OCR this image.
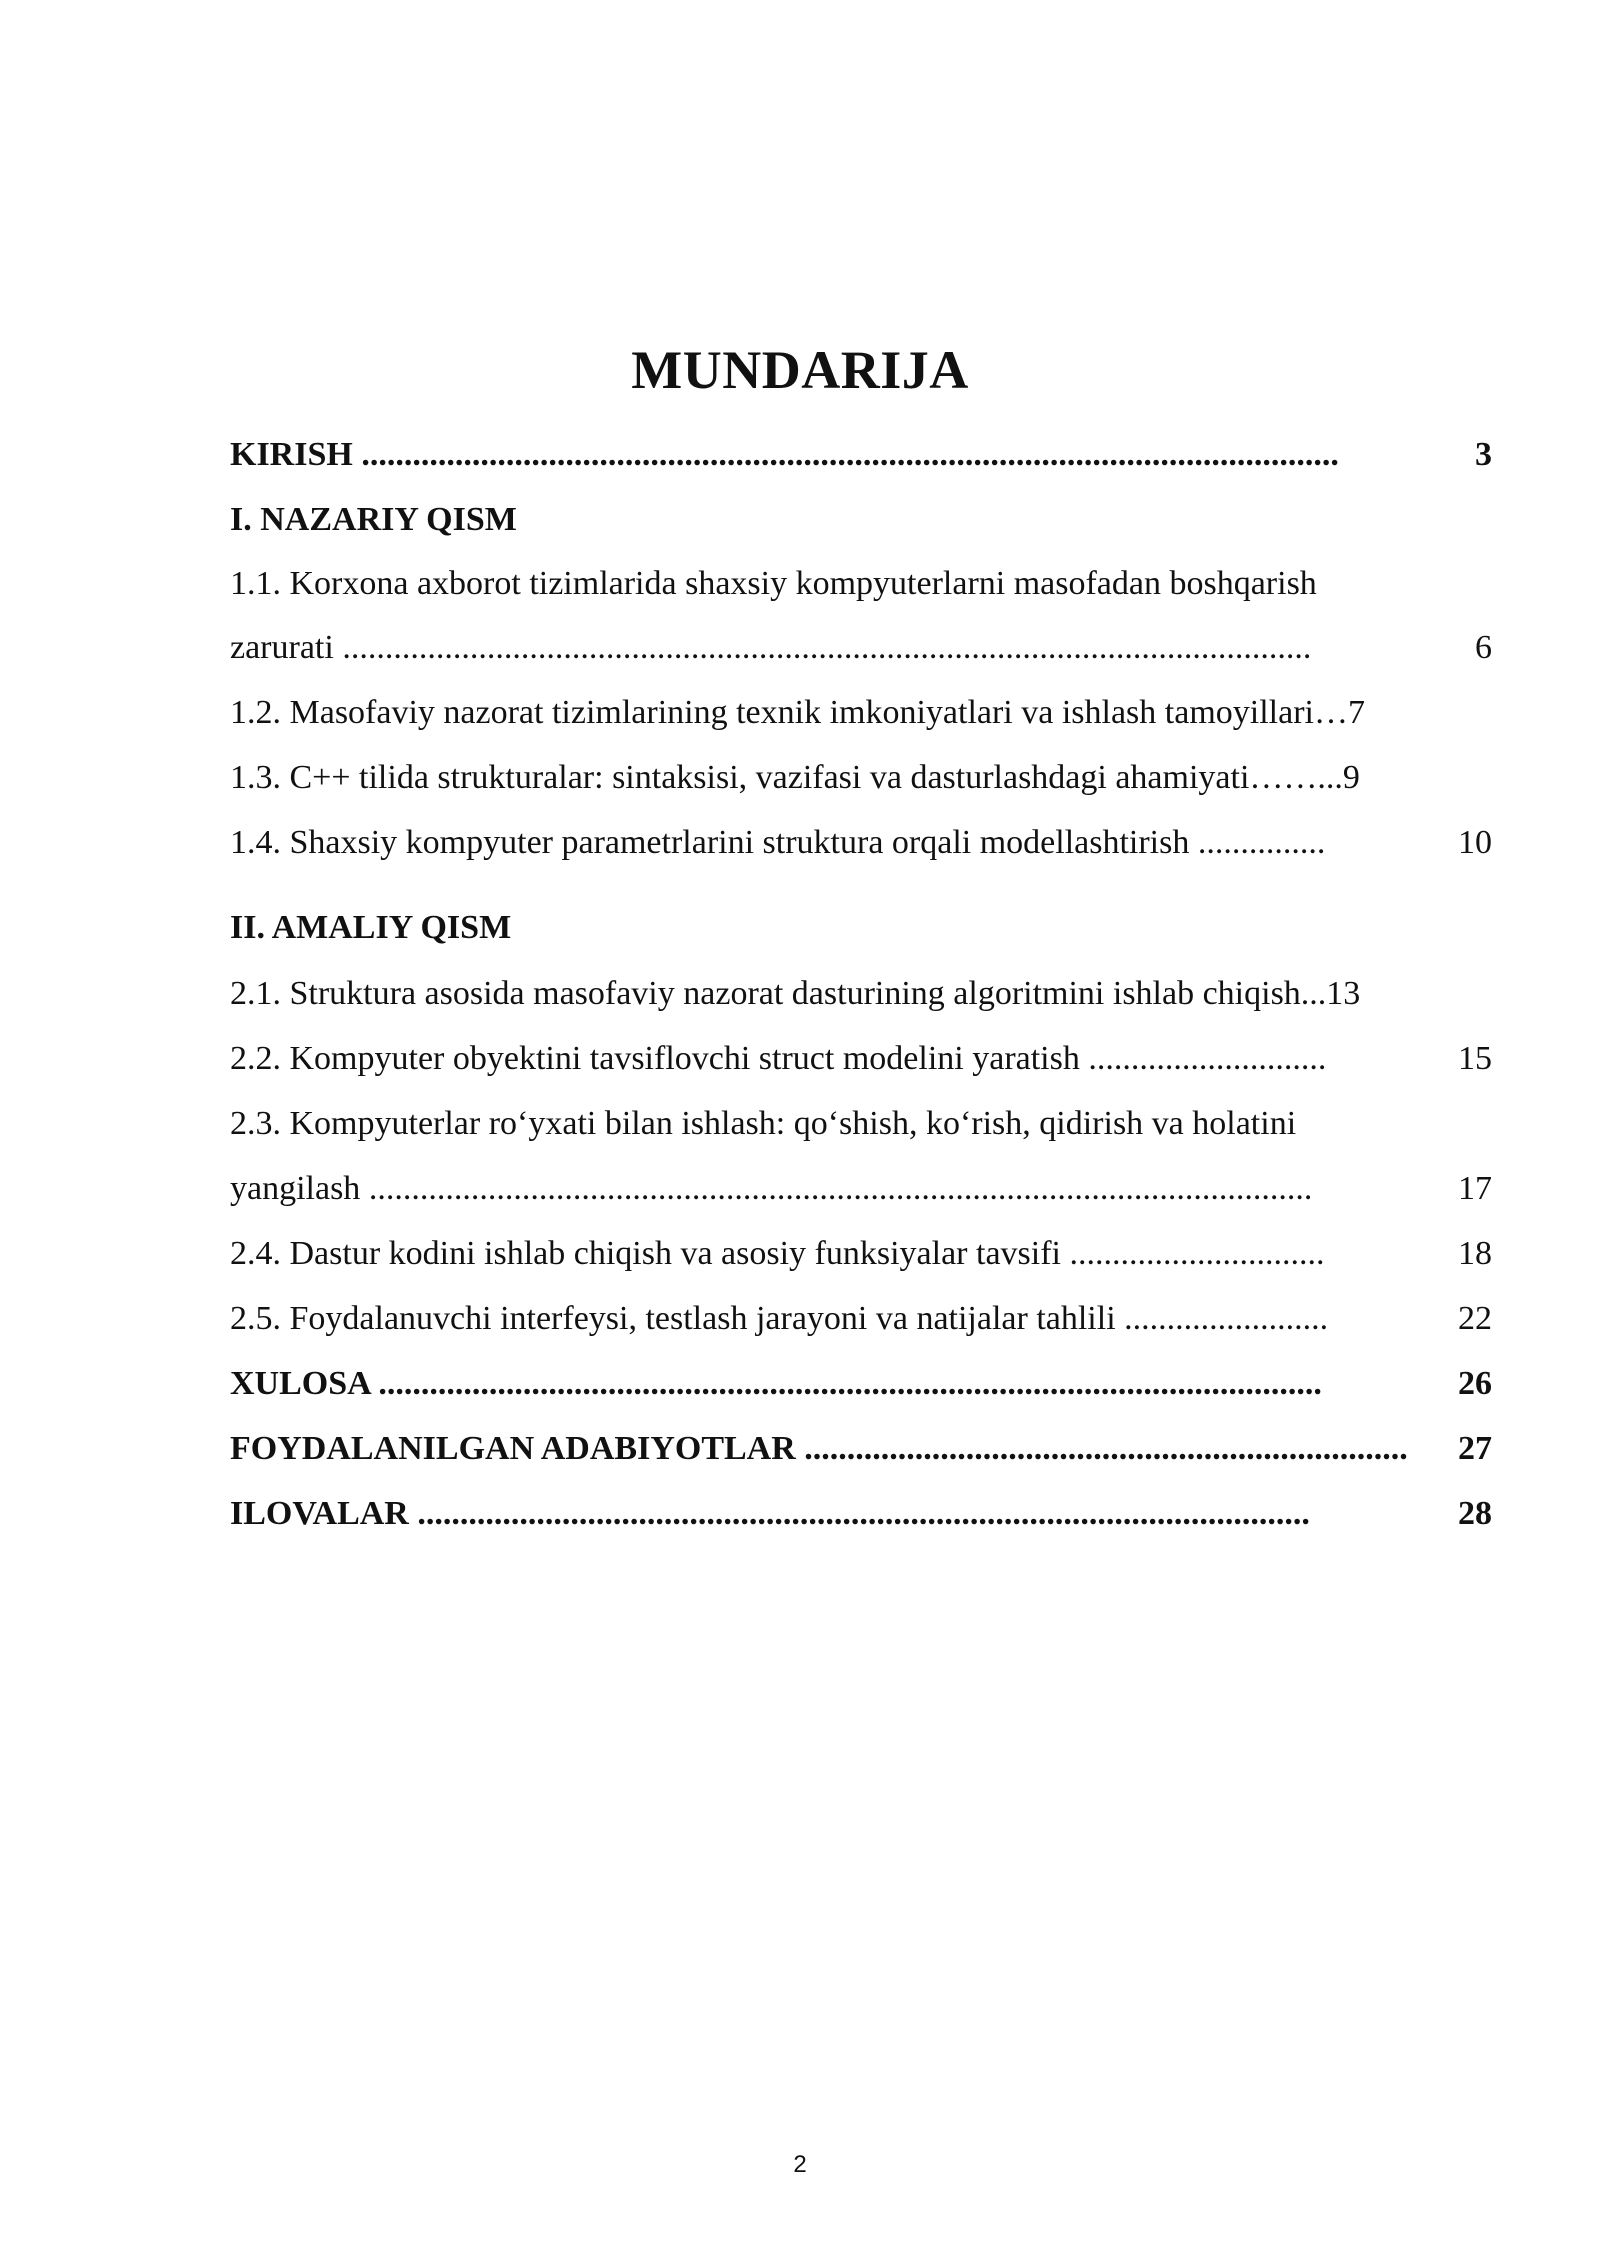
MUNDARIJA
KIRISH ...................................................................................................................	3
I. NAZARIY QISM
1.1. Korxona axborot tizimlarida shaxsiy kompyuterlarni masofadan boshqarish
zarurati ..................................................................................................................	6
1.2. Masofaviy nazorat tizimlarining texnik imkoniyatlari va ishlash tamoyillari…7
1.3. C++ tilida strukturalar: sintaksisi, vazifasi va dasturlashdagi ahamiyati……...9
1.4. Shaxsiy kompyuter parametrlarini struktura orqali modellashtirish ...............	10
II. AMALIY QISM
2.1. Struktura asosida masofaviy nazorat dasturining algoritmini ishlab chiqish...13
2.2. Kompyuter obyektini tavsiflovchi struct modelini yaratish ............................	15
2.3. Kompyuterlar ro‘yxati bilan ishlash: qo‘shish, ko‘rish, qidirish va holatini
yangilash ...............................................................................................................	17
2.4. Dastur kodini ishlab chiqish va asosiy funksiyalar tavsifi ..............................	18
2.5. Foydalanuvchi interfeysi, testlash jarayoni va natijalar tahlili ........................	22
XULOSA ...............................................................................................................	26
FOYDALANILGAN ADABIYOTLAR .......................................................................	27
ILOVALAR .........................................................................................................	28
2
